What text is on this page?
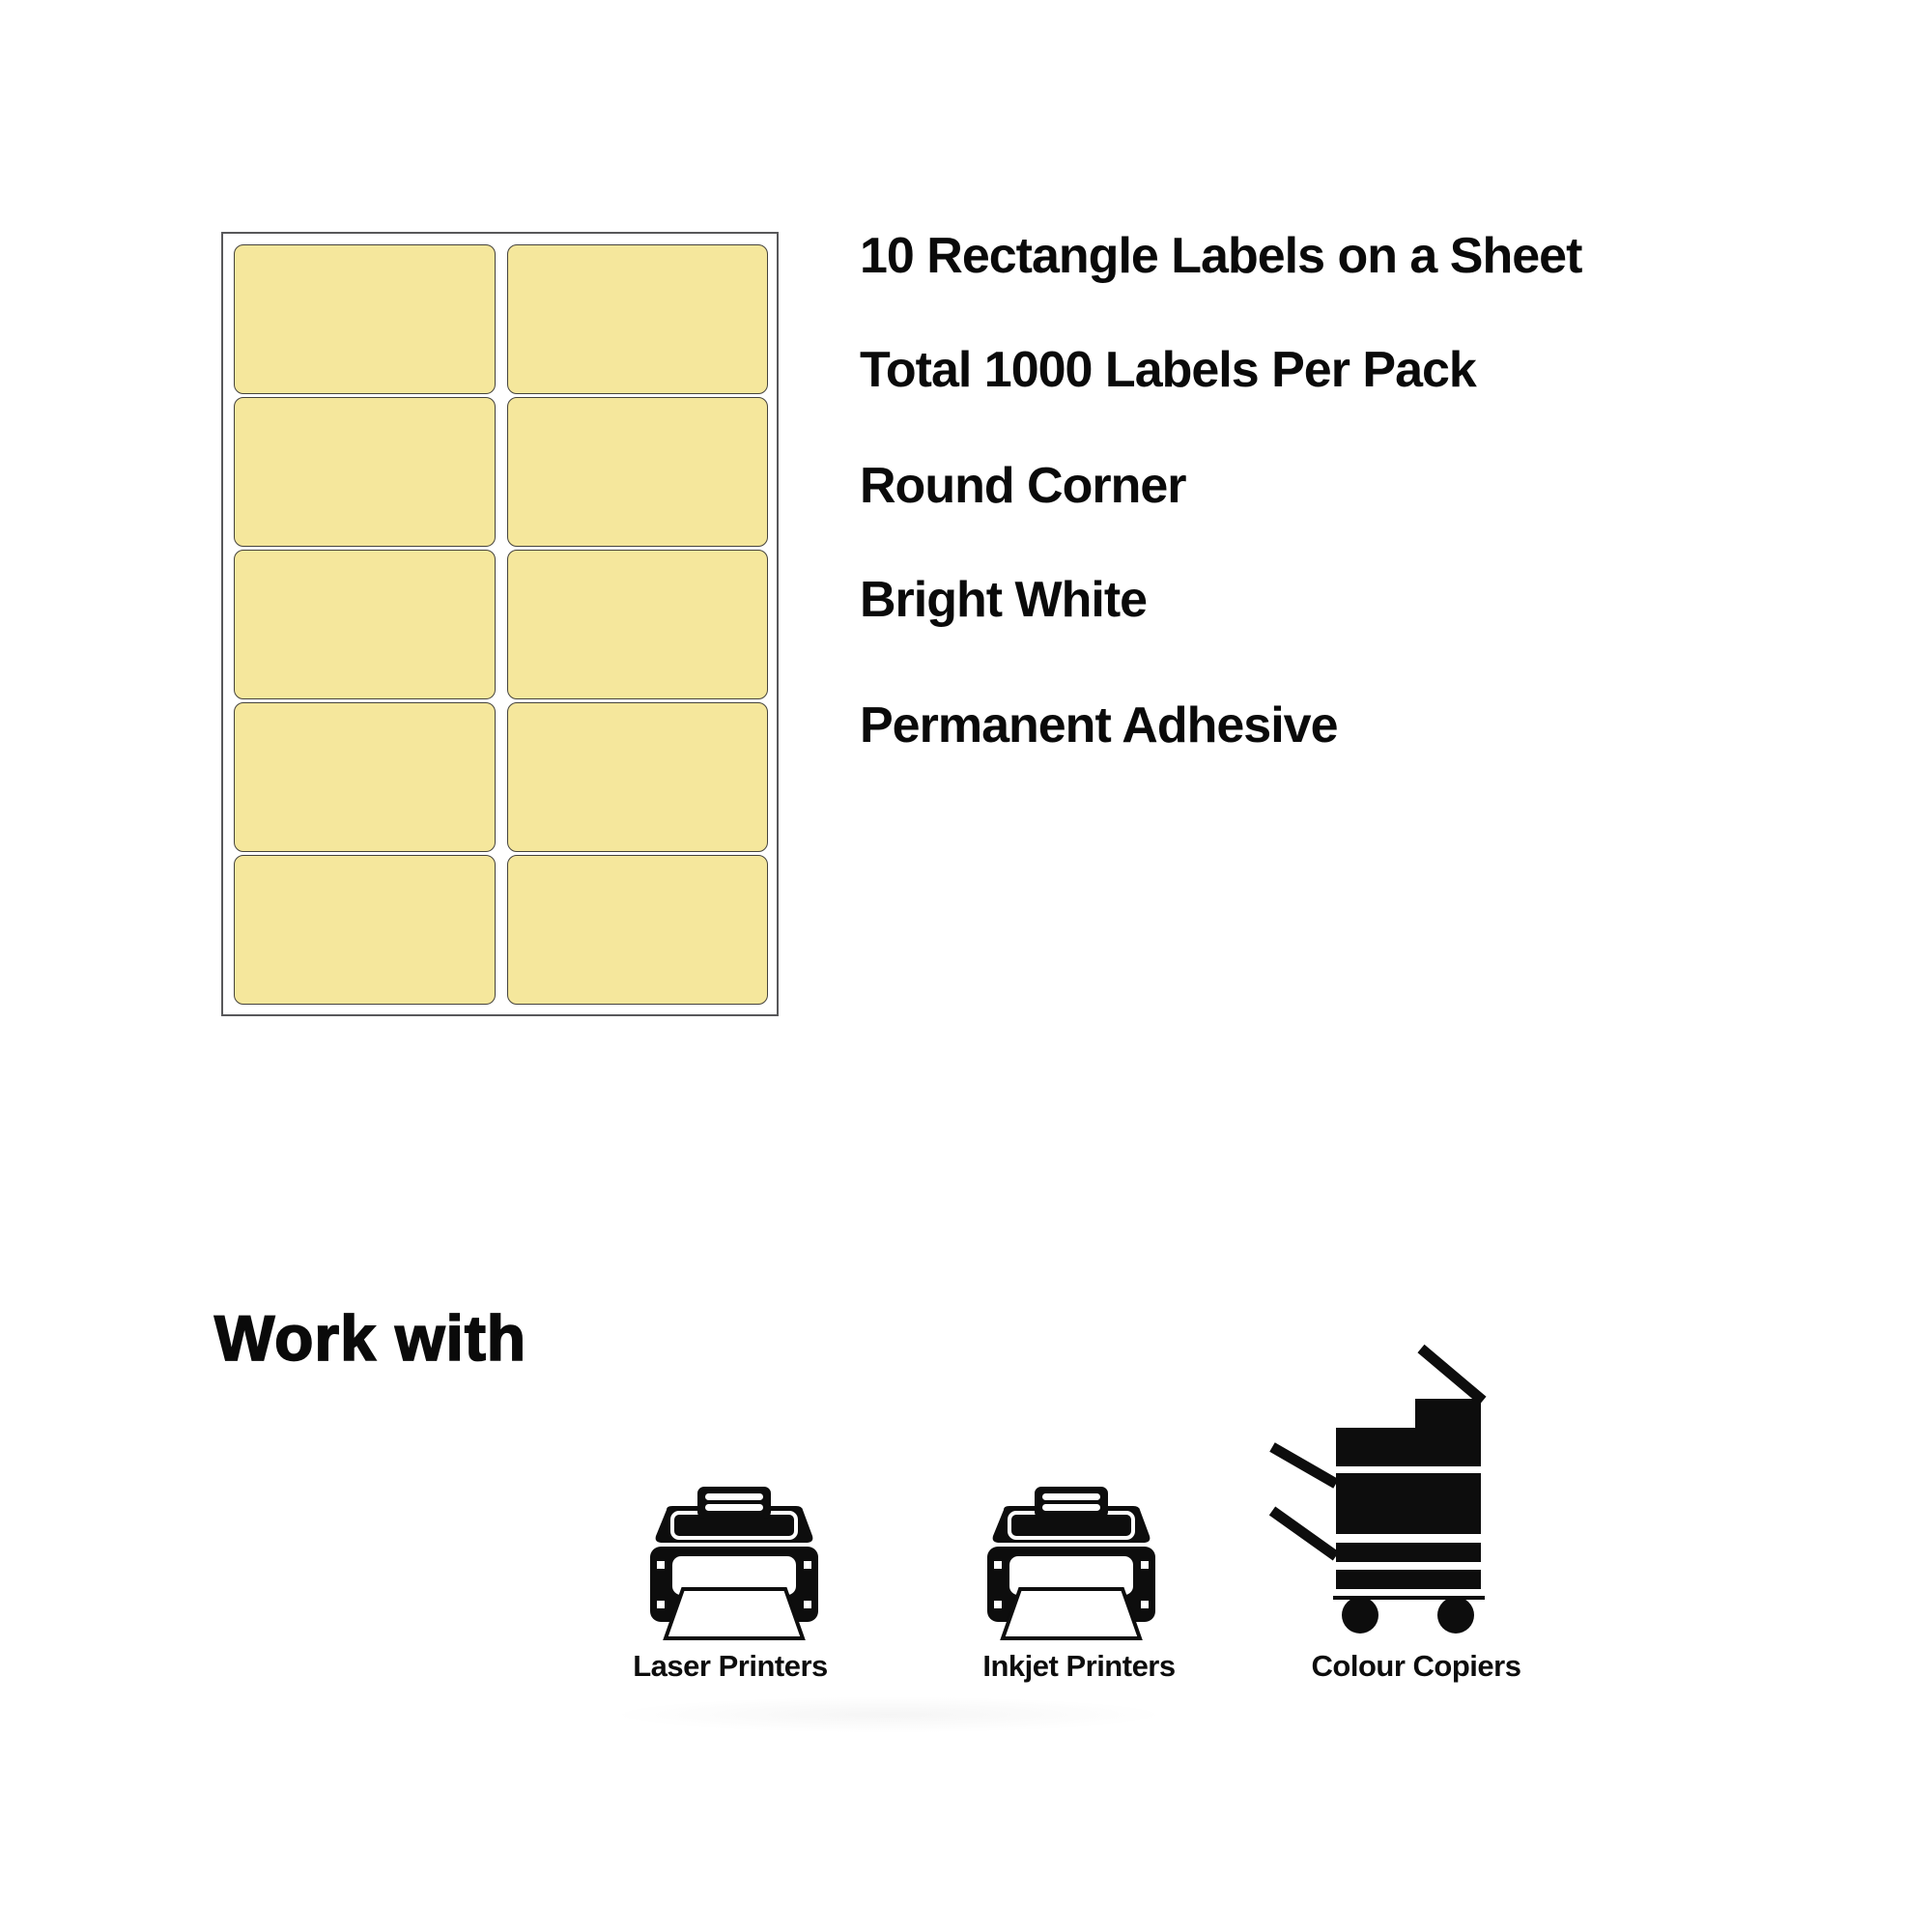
10 Rectangle Labels on a Sheet
Total 1000 Labels Per Pack
Round Corner
Bright White
Permanent Adhesive
Work with
Laser Printers	Inkjet Printers	Colour Copiers
